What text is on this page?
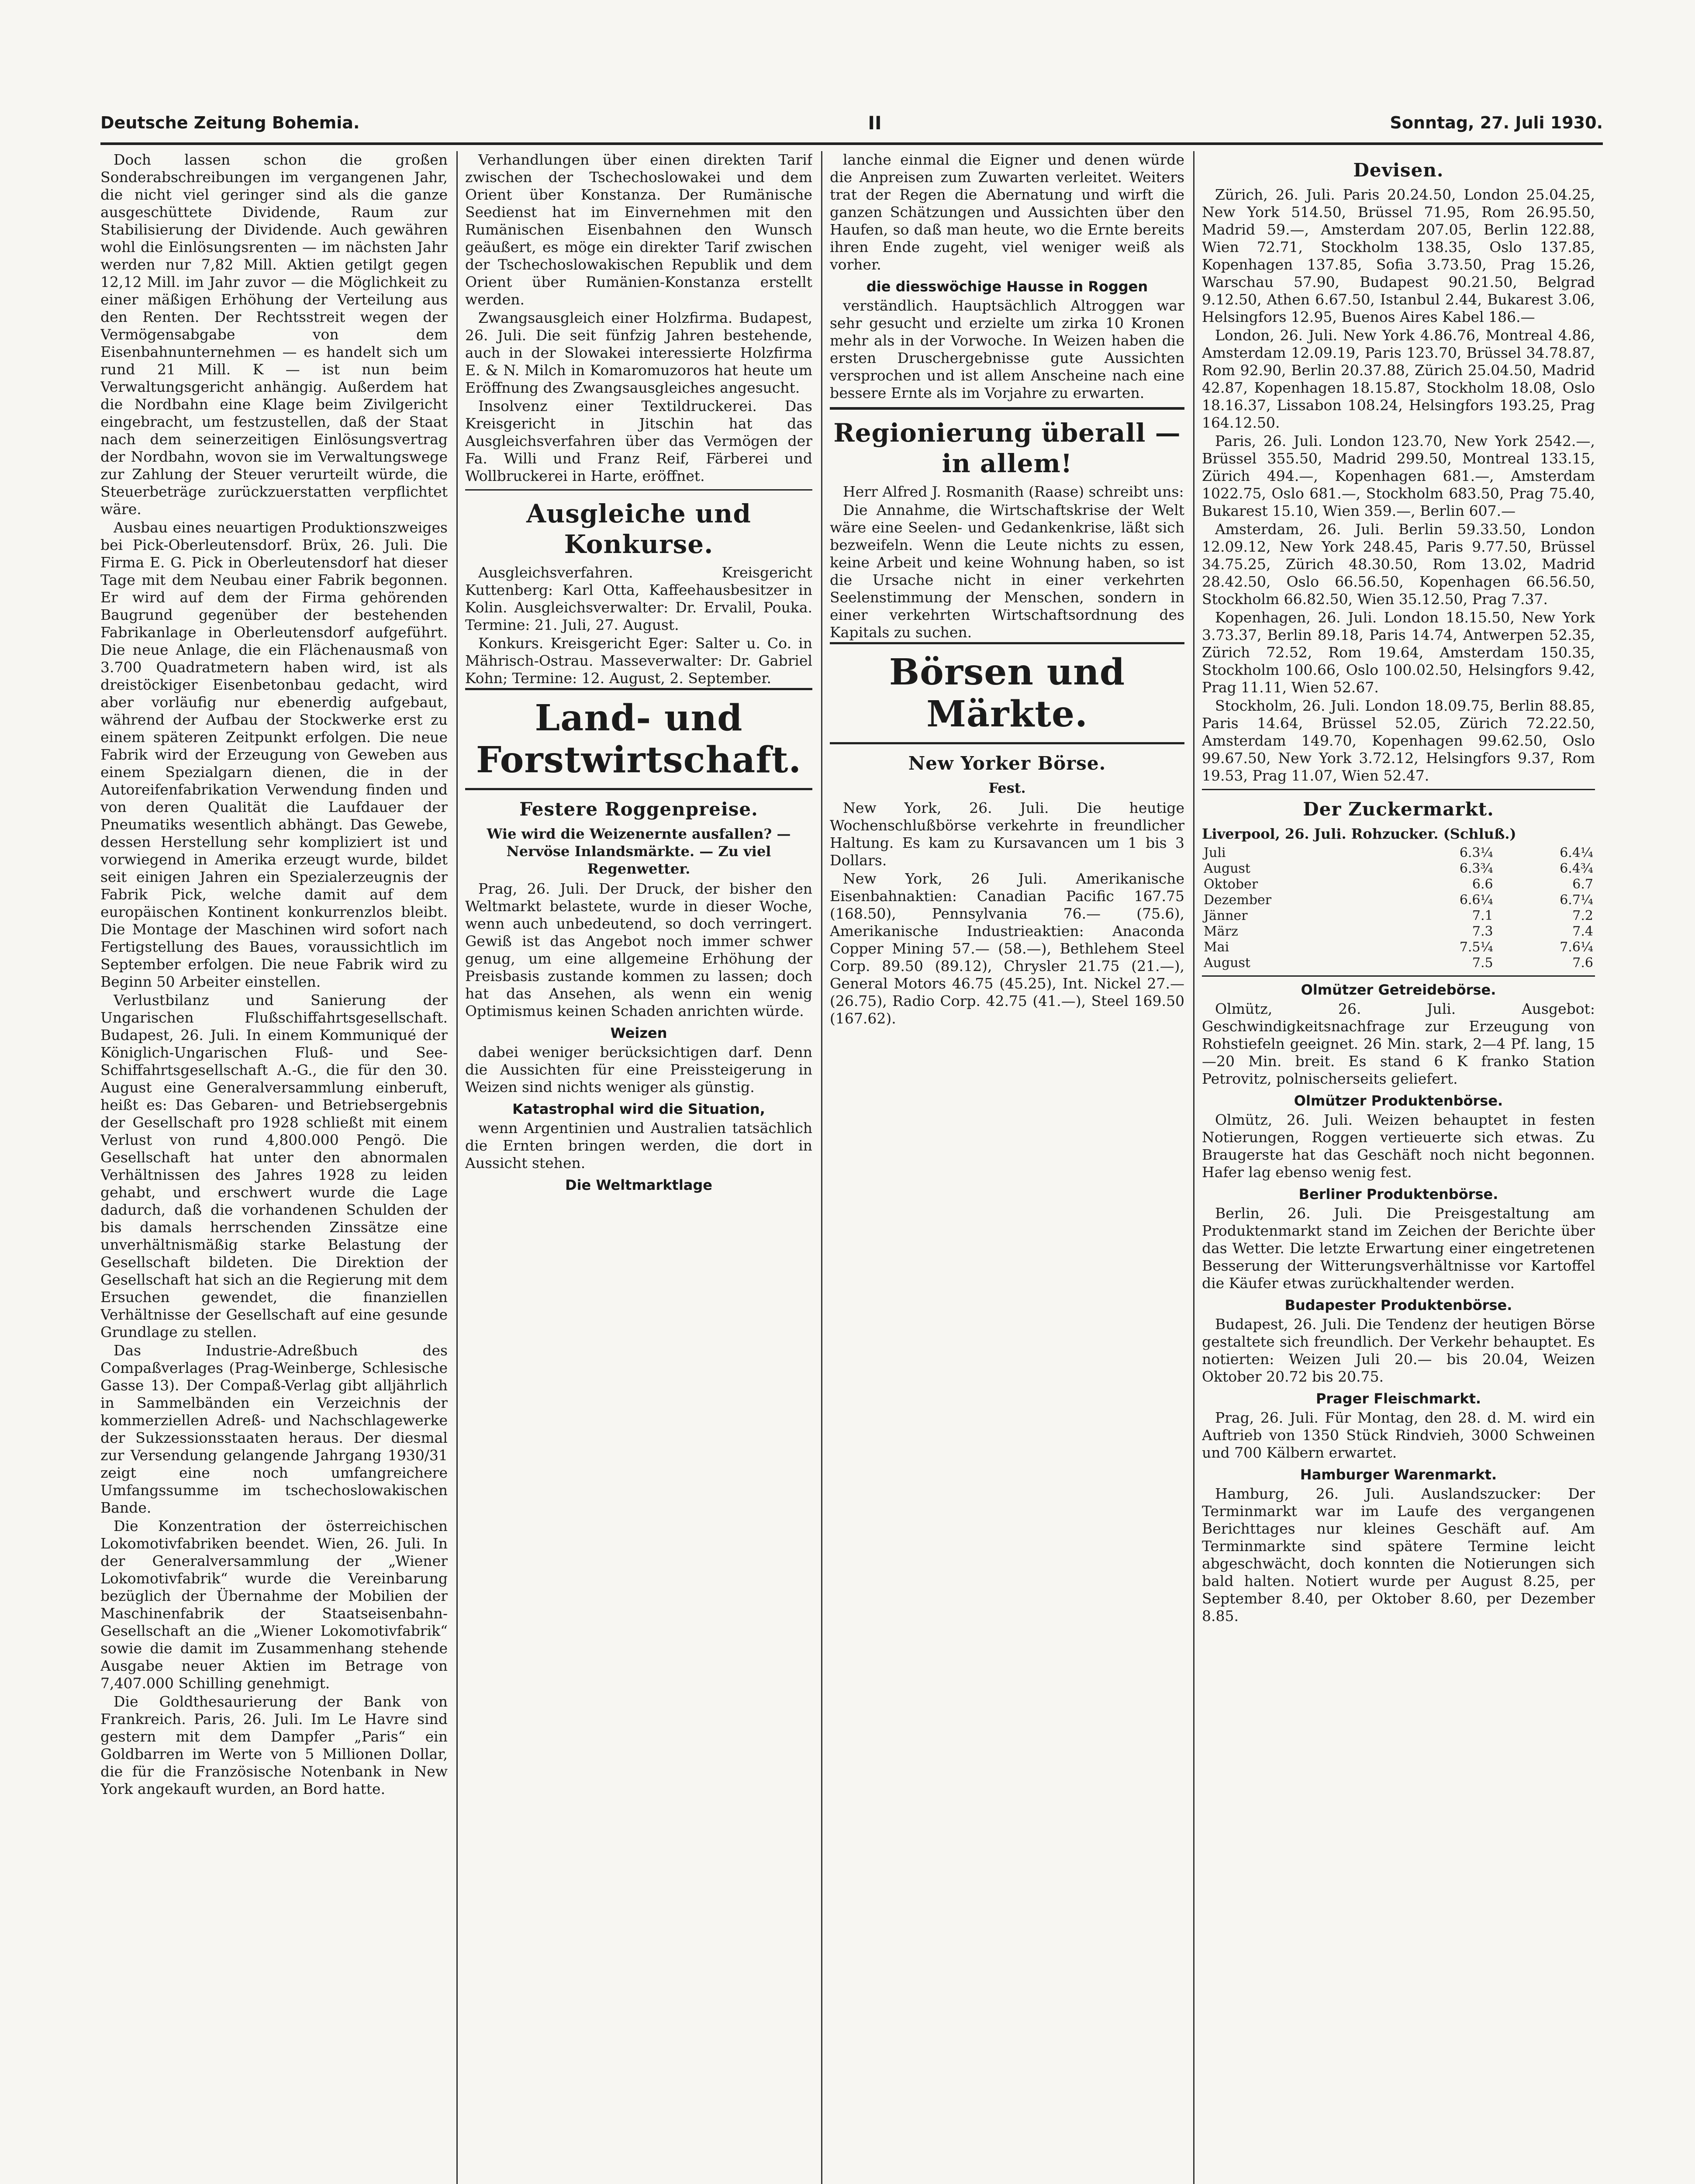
Deutsche Zeitung Bohemia.	II	Sonntag, 27. Juli 1930.

Doch lassen schon die großen Sonderabschreibungen im vergangenen Jahr, die nicht viel geringer sind als die ganze ausgeschüttete Dividende, Raum zur Stabilisierung der Dividende. Auch gewähren wohl die Einlösungsrenten — im nächsten Jahr werden nur 7,82 Mill. Aktien getilgt gegen 12,12 Mill. im Jahr zuvor — die Möglichkeit zu einer mäßigen Erhöhung der Verteilung aus den Renten. Der Rechtsstreit wegen der Vermögensabgabe von dem Eisenbahnunternehmen — es handelt sich um rund 21 Mill. K — ist nun beim Verwaltungsgericht anhängig. Außerdem hat die Nordbahn eine Klage beim Zivilgericht eingebracht, um festzustellen, daß der Staat nach dem seinerzeitigen Einlösungsvertrag der Nordbahn, wovon sie im Verwaltungswege zur Zahlung der Steuer verurteilt würde, die Steuerbeträge zurückzuerstatten verpflichtet wäre.

Ausbau eines neuartigen Produktionszweiges bei Pick-Oberleutensdorf. Brüx, 26. Juli. Die Firma E. G. Pick in Oberleutensdorf hat dieser Tage mit dem Neubau einer Fabrik begonnen. Er wird auf dem der Firma gehörenden Baugrund gegenüber der bestehenden Fabrikanlage in Oberleutensdorf aufgeführt. Die neue Anlage, die ein Flächenausmaß von 3.700 Quadratmetern haben wird, ist als dreistöckiger Eisenbetonbau gedacht, wird aber vorläufig nur ebenerdig aufgebaut, während der Aufbau der Stockwerke erst zu einem späteren Zeitpunkt erfolgen. Die neue Fabrik wird der Erzeugung von Geweben aus einem Spezialgarn dienen, die in der Autoreifenfabrikation Verwendung finden und von deren Qualität die Laufdauer der Pneumatiks wesentlich abhängt. Das Gewebe, dessen Herstellung sehr kompliziert ist und vorwiegend in Amerika erzeugt wurde, bildet seit einigen Jahren ein Spezialerzeugnis der Fabrik Pick, welche damit auf dem europäischen Kontinent konkurrenzlos bleibt. Die Montage der Maschinen wird sofort nach Fertigstellung des Baues, voraussichtlich im September erfolgen. Die neue Fabrik wird zu Beginn 50 Arbeiter einstellen.

Verlustbilanz und Sanierung der Ungarischen Flußschiffahrtsgesellschaft. Budapest, 26. Juli. In einem Kommuniqué der Königlich-Ungarischen Fluß- und See-Schiffahrtsgesellschaft A.-G., die für den 30. August eine Generalversammlung einberuft, heißt es: Das Gebaren- und Betriebsergebnis der Gesellschaft pro 1928 schließt mit einem Verlust von rund 4,800.000 Pengö. Die Gesellschaft hat unter den abnormalen Verhältnissen des Jahres 1928 zu leiden gehabt, und erschwert wurde die Lage dadurch, daß die vorhandenen Schulden der bis damals herrschenden Zinssätze eine unverhältnismäßig starke Belastung der Gesellschaft bildeten. Die Direktion der Gesellschaft hat sich an die Regierung mit dem Ersuchen gewendet, die finanziellen Verhältnisse der Gesellschaft auf eine gesunde Grundlage zu stellen.

Das Industrie-Adreßbuch des Compaßverlages (Prag-Weinberge, Schlesische Gasse 13). Der Compaß-Verlag gibt alljährlich in Sammelbänden ein Verzeichnis der kommerziellen Adreß- und Nachschlagewerke der Sukzessionsstaaten heraus. Der diesmal zur Versendung gelangende Jahrgang 1930/31 zeigt eine noch umfangreichere Umfangssumme im tschechoslowakischen Bande.

Die Konzentration der österreichischen Lokomotivfabriken beendet. Wien, 26. Juli. In der Generalversammlung der „Wiener Lokomotivfabrik“ wurde die Vereinbarung bezüglich der Übernahme der Mobilien der Maschinenfabrik der Staatseisenbahn-Gesellschaft an die „Wiener Lokomotivfabrik“ sowie die damit im Zusammenhang stehende Ausgabe neuer Aktien im Betrage von 7,407.000 Schilling genehmigt.

Die Goldthesaurierung der Bank von Frankreich. Paris, 26. Juli. Im Le Havre sind gestern mit dem Dampfer „Paris“ ein Goldbarren im Werte von 5 Millionen Dollar, die für die Französische Notenbank in New York angekauft wurden, an Bord hatte.

Verhandlungen über einen direkten Tarif zwischen der Tschechoslowakei und dem Orient über Konstanza. Der Rumänische Seedienst hat im Einvernehmen mit den Rumänischen Eisenbahnen den Wunsch geäußert, es möge ein direkter Tarif zwischen der Tschechoslowakischen Republik und dem Orient über Rumänien-Konstanza erstellt werden.

Zwangsausgleich einer Holzfirma. Budapest, 26. Juli. Die seit fünfzig Jahren bestehende, auch in der Slowakei interessierte Holzfirma E. & N. Milch in Komaromuzoros hat heute um Eröffnung des Zwangsausgleiches angesucht.

Insolvenz einer Textildruckerei. Das Kreisgericht in Jitschin hat das Ausgleichsverfahren über das Vermögen der Fa. Willi und Franz Reif, Färberei und Wollbruckerei in Harte, eröffnet.

Ausgleiche und Konkurse.

Ausgleichsverfahren. Kreisgericht Kuttenberg: Karl Otta, Kaffeehausbesitzer in Kolin. Ausgleichsverwalter: Dr. Ervalil, Pouka. Termine: 21. Juli, 27. August.

Konkurs. Kreisgericht Eger: Salter u. Co. in Mährisch-Ostrau. Masseverwalter: Dr. Gabriel Kohn; Termine: 12. August, 2. September.

Land- und Forstwirtschaft.
Festere Roggenpreise.
Wie wird die Weizenernte ausfallen? — Nervöse Inlandsmärkte. — Zu viel Regenwetter.

Prag, 26. Juli. Der Druck, der bisher den Weltmarkt belastete, wurde in dieser Woche, wenn auch unbedeutend, so doch verringert. Gewiß ist das Angebot noch immer schwer genug, um eine allgemeine Erhöhung der Preisbasis zustande kommen zu lassen; doch hat das Ansehen, als wenn ein wenig Optimismus keinen Schaden anrichten würde.

Weizen

dabei weniger berücksichtigen darf. Denn die Aussichten für eine Preissteigerung in Weizen sind nichts weniger als günstig.

Katastrophal wird die Situation,

wenn Argentinien und Australien tatsächlich die Ernten bringen werden, die dort in Aussicht stehen.

Die Weltmarktlage

lanche einmal die Eigner und denen würde die Anpreisen zum Zuwarten verleitet. Weiters trat der Regen die Abernatung und wirft die ganzen Schätzungen und Aussichten über den Haufen, so daß man heute, wo die Ernte bereits ihren Ende zugeht, viel weniger weiß als vorher.

die diesswöchige Hausse in Roggen

verständlich. Hauptsächlich Altroggen war sehr gesucht und erzielte um zirka 10 Kronen mehr als in der Vorwoche. In Weizen haben die ersten Druschergebnisse gute Aussichten versprochen und ist allem Anscheine nach eine bessere Ernte als im Vorjahre zu erwarten.

Regionierung überall — in allem!

Herr Alfred J. Rosmanith (Raase) schreibt uns:

Die Annahme, die Wirtschaftskrise der Welt wäre eine Seelen- und Gedankenkrise, läßt sich bezweifeln. Wenn die Leute nichts zu essen, keine Arbeit und keine Wohnung haben, so ist die Ursache nicht in einer verkehrten Seelenstimmung der Menschen, sondern in einer verkehrten Wirtschaftsordnung des Kapitals zu suchen.

Börsen und Märkte.
New Yorker Börse.
Fest.

New York, 26. Juli. Die heutige Wochenschlußbörse verkehrte in freundlicher Haltung. Es kam zu Kursavancen um 1 bis 3 Dollars.

New York, 26 Juli. Amerikanische Eisenbahnaktien: Canadian Pacific 167.75 (168.50), Pennsylvania 76.— (75.6), Amerikanische Industrieaktien: Anaconda Copper Mining 57.— (58.—), Bethlehem Steel Corp. 89.50 (89.12), Chrysler 21.75 (21.—), General Motors 46.75 (45.25), Int. Nickel 27.— (26.75), Radio Corp. 42.75 (41.—), Steel 169.50 (167.62).

Devisen.

Zürich, 26. Juli. Paris 20.24.50, London 25.04.25, New York 514.50, Brüssel 71.95, Rom 26.95.50, Madrid 59.—, Amsterdam 207.05, Berlin 122.88, Wien 72.71, Stockholm 138.35, Oslo 137.85, Kopenhagen 137.85, Sofia 3.73.50, Prag 15.26, Warschau 57.90, Budapest 90.21.50, Belgrad 9.12.50, Athen 6.67.50, Istanbul 2.44, Bukarest 3.06, Helsingfors 12.95, Buenos Aires Kabel 186.—

London, 26. Juli. New York 4.86.76, Montreal 4.86, Amsterdam 12.09.19, Paris 123.70, Brüssel 34.78.87, Rom 92.90, Berlin 20.37.88, Zürich 25.04.50, Madrid 42.87, Kopenhagen 18.15.87, Stockholm 18.08, Oslo 18.16.37, Lissabon 108.24, Helsingfors 193.25, Prag 164.12.50.

Paris, 26. Juli. London 123.70, New York 2542.—, Brüssel 355.50, Madrid 299.50, Montreal 133.15, Zürich 494.—, Kopenhagen 681.—, Amsterdam 1022.75, Oslo 681.—, Stockholm 683.50, Prag 75.40, Bukarest 15.10, Wien 359.—, Berlin 607.—

Amsterdam, 26. Juli. Berlin 59.33.50, London 12.09.12, New York 248.45, Paris 9.77.50, Brüssel 34.75.25, Zürich 48.30.50, Rom 13.02, Madrid 28.42.50, Oslo 66.56.50, Kopenhagen 66.56.50, Stockholm 66.82.50, Wien 35.12.50, Prag 7.37.

Kopenhagen, 26. Juli. London 18.15.50, New York 3.73.37, Berlin 89.18, Paris 14.74, Antwerpen 52.35, Zürich 72.52, Rom 19.64, Amsterdam 150.35, Stockholm 100.66, Oslo 100.02.50, Helsingfors 9.42, Prag 11.11, Wien 52.67.

Stockholm, 26. Juli. London 18.09.75, Berlin 88.85, Paris 14.64, Brüssel 52.05, Zürich 72.22.50, Amsterdam 149.70, Kopenhagen 99.62.50, Oslo 99.67.50, New York 3.72.12, Helsingfors 9.37, Rom 19.53, Prag 11.07, Wien 52.47.

Der Zuckermarkt.
Liverpool, 26. Juli. Rohzucker. (Schluß.)
Juli	6.3¼	6.4¼
August	6.3¾	6.4¾
Oktober	6.6	6.7
Dezember	6.6¼	6.7¼
Jänner	7.1	7.2
März	7.3	7.4
Mai	7.5¼	7.6¼
August	7.5	7.6
Olmützer Getreidebörse.

Olmütz, 26. Juli. Ausgebot: Geschwindigkeitsnachfrage zur Erzeugung von Rohstiefeln geeignet. 26 Min. stark, 2—4 Pf. lang, 15—20 Min. breit. Es stand 6 K franko Station Petrovitz, polnischerseits geliefert.

Olmützer Produktenbörse.

Olmütz, 26. Juli. Weizen behauptet in festen Notierungen, Roggen vertieuerte sich etwas. Zu Braugerste hat das Geschäft noch nicht begonnen. Hafer lag ebenso wenig fest.

Berliner Produktenbörse.

Berlin, 26. Juli. Die Preisgestaltung am Produktenmarkt stand im Zeichen der Berichte über das Wetter. Die letzte Erwartung einer eingetretenen Besserung der Witterungsverhältnisse vor Kartoffel die Käufer etwas zurückhaltender werden.

Budapester Produktenbörse.

Budapest, 26. Juli. Die Tendenz der heutigen Börse gestaltete sich freundlich. Der Verkehr behauptet. Es notierten: Weizen Juli 20.— bis 20.04, Weizen Oktober 20.72 bis 20.75.

Prager Fleischmarkt.

Prag, 26. Juli. Für Montag, den 28. d. M. wird ein Auftrieb von 1350 Stück Rindvieh, 3000 Schweinen und 700 Kälbern erwartet.

Hamburger Warenmarkt.

Hamburg, 26. Juli. Auslandszucker: Der Terminmarkt war im Laufe des vergangenen Berichttages nur kleines Geschäft auf. Am Terminmarkte sind spätere Termine leicht abgeschwächt, doch konnten die Notierungen sich bald halten. Notiert wurde per August 8.25, per September 8.40, per Oktober 8.60, per Dezember 8.85.
